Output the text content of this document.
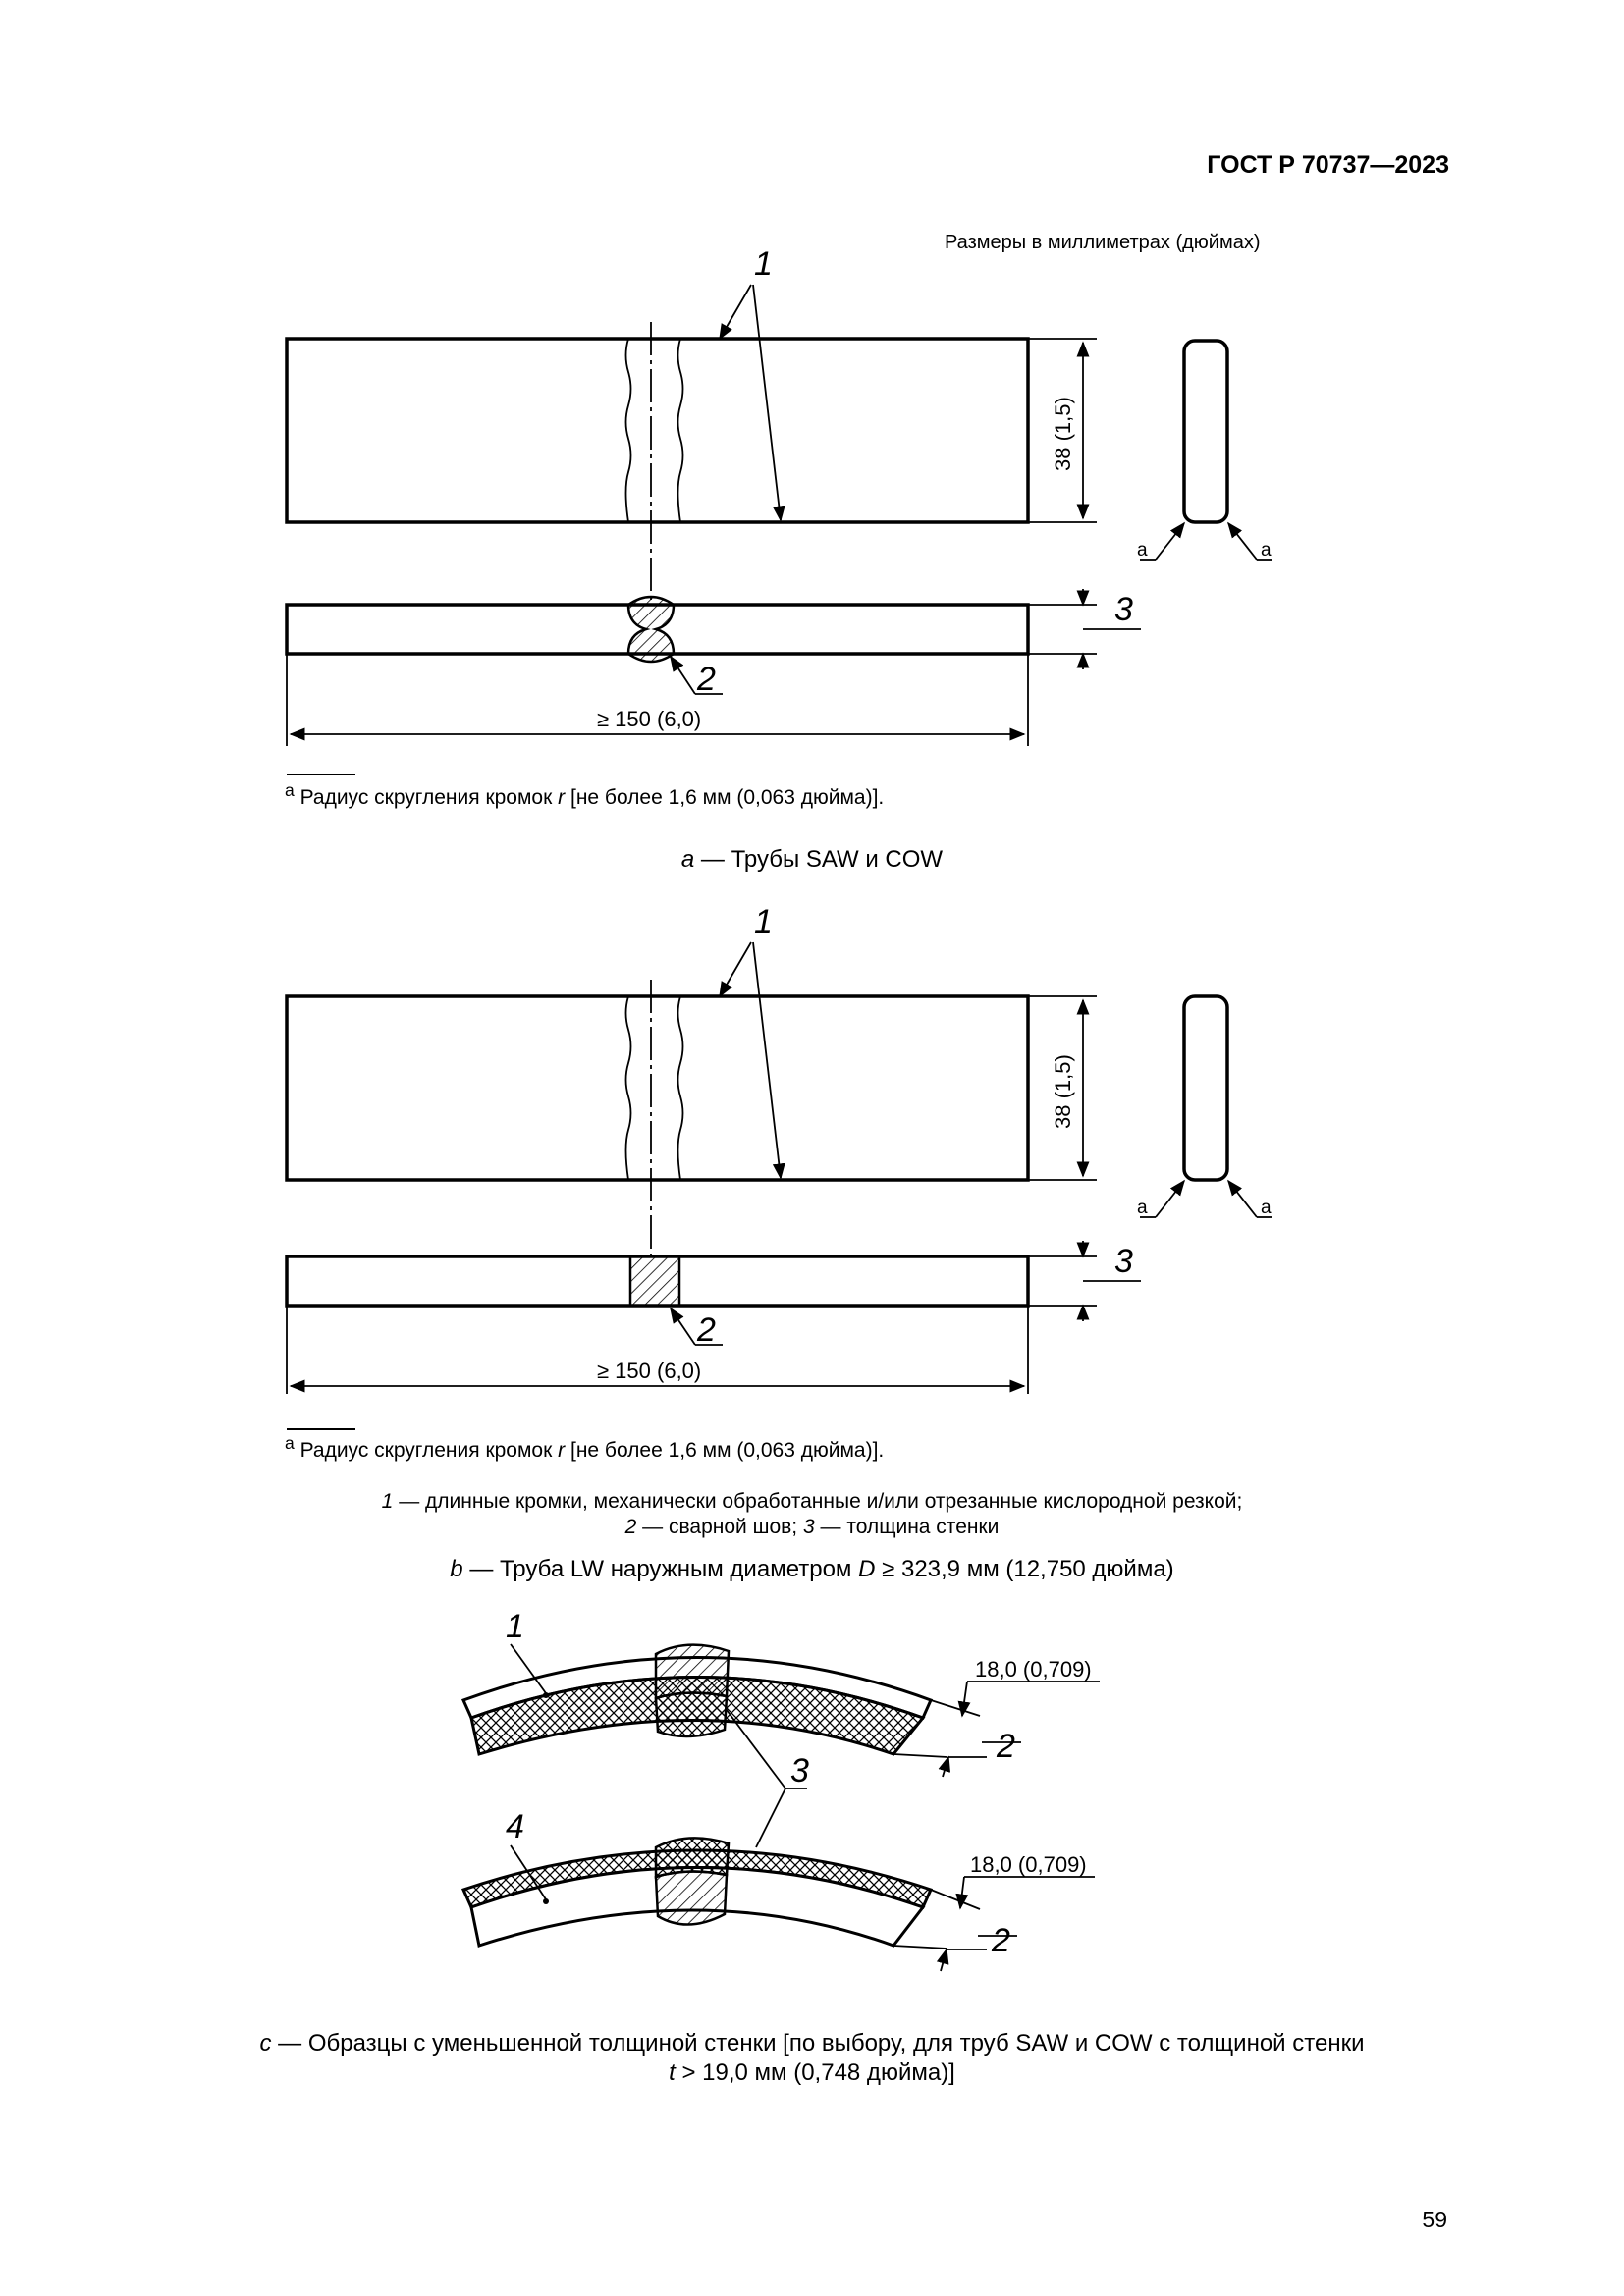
ГОСТ Р 70737—2023
Размеры в миллиметрах (дюймах)
1
38 (1,5)
a	a
2
3
≥ 150 (6,0)
$^a$ Радиус скругления кромок r [не более 1,6 мм (0,063 дюйма)].
a — Трубы SAW и COW
1
38 (1,5)
a	a
2
3
≥ 150 (6,0)
$^a$ Радиус скругления кромок r [не более 1,6 мм (0,063 дюйма)].
1 — длинные кромки, механически обработанные и/или отрезанные кислородной резкой;
2 — сварной шов; 3 — толщина стенки
b — Труба LW наружным диаметром D ≥ 323,9 мм (12,750 дюйма)
1
18,0 (0,709)
2
3
4
18,0 (0,709)
2
c — Образцы с уменьшенной толщиной стенки [по выбору, для труб SAW и COW с толщиной стенки
t > 19,0 мм (0,748 дюйма)]
59
